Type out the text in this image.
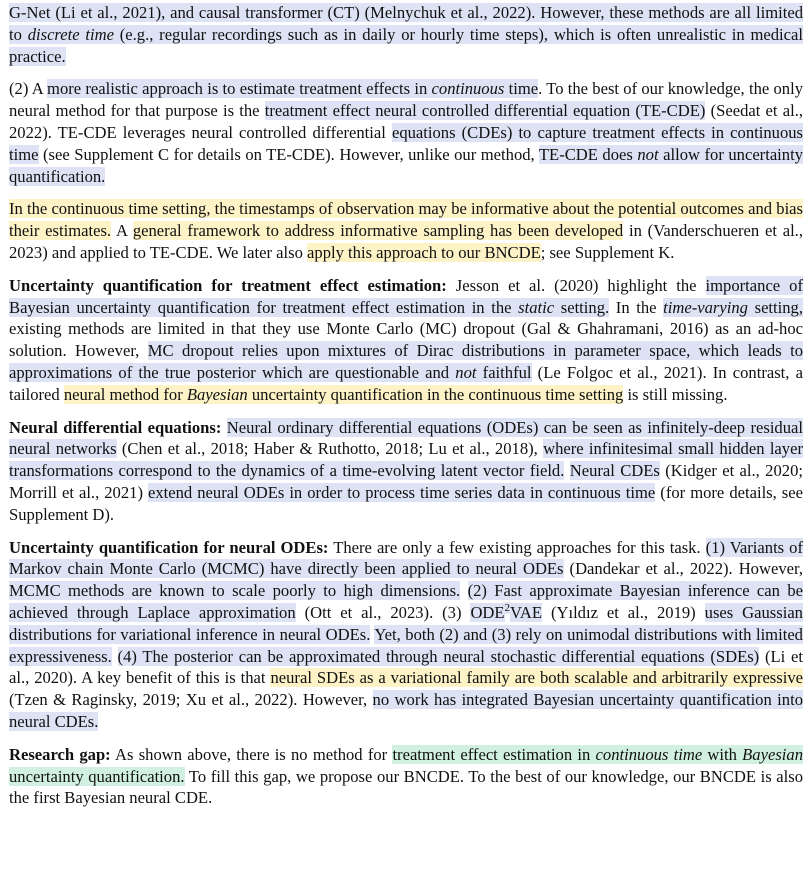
G-Net (Li et al., 2021), and causal transformer (CT) (Melnychuk et al., 2022). However, these methods are all limited to discrete time (e.g., regular recordings such as in daily or hourly time steps), which is often unrealistic in medical practice.

(2) A more realistic approach is to estimate treatment effects in continuous time. To the best of our knowledge, the only neural method for that purpose is the treatment effect neural controlled differential equation (TE-CDE) (Seedat et al., 2022). TE-CDE leverages neural controlled differential equations (CDEs) to capture treatment effects in continuous time (see Supplement C for details on TE-CDE). However, unlike our method, TE-CDE does not allow for uncertainty quantification.

In the continuous time setting, the timestamps of observation may be informative about the potential outcomes and bias their estimates. A general framework to address informative sampling has been developed in (Vanderschueren et al., 2023) and applied to TE-CDE. We later also apply this approach to our BNCDE; see Supplement K.

Uncertainty quantification for treatment effect estimation: Jesson et al. (2020) highlight the importance of Bayesian uncertainty quantification for treatment effect estimation in the static setting. In the time-varying setting, existing methods are limited in that they use Monte Carlo (MC) dropout (Gal & Ghahramani, 2016) as an ad-hoc solution. However, MC dropout relies upon mixtures of Dirac distributions in parameter space, which leads to approximations of the true posterior which are questionable and not faithful (Le Folgoc et al., 2021). In contrast, a tailored neural method for Bayesian uncertainty quantification in the continuous time setting is still missing.

Neural differential equations: Neural ordinary differential equations (ODEs) can be seen as infinitely-deep residual neural networks (Chen et al., 2018; Haber & Ruthotto, 2018; Lu et al., 2018), where infinitesimal small hidden layer transformations correspond to the dynamics of a time-evolving latent vector field. Neural CDEs (Kidger et al., 2020; Morrill et al., 2021) extend neural ODEs in order to process time series data in continuous time (for more details, see Supplement D).

Uncertainty quantification for neural ODEs: There are only a few existing approaches for this task. (1) Variants of Markov chain Monte Carlo (MCMC) have directly been applied to neural ODEs (Dandekar et al., 2022). However, MCMC methods are known to scale poorly to high dimensions. (2) Fast approximate Bayesian inference can be achieved through Laplace approximation (Ott et al., 2023). (3) ODE$^2$VAE (Yıldız et al., 2019) uses Gaussian distributions for variational inference in neural ODEs. Yet, both (2) and (3) rely on unimodal distributions with limited expressiveness. (4) The posterior can be approximated through neural stochastic differential equations (SDEs) (Li et al., 2020). A key benefit of this is that neural SDEs as a variational family are both scalable and arbitrarily expressive (Tzen & Raginsky, 2019; Xu et al., 2022). However, no work has integrated Bayesian uncertainty quantification into neural CDEs.

Research gap: As shown above, there is no method for treatment effect estimation in continuous time with Bayesian uncertainty quantification. To fill this gap, we propose our BNCDE. To the best of our knowledge, our BNCDE is also the first Bayesian neural CDE.
